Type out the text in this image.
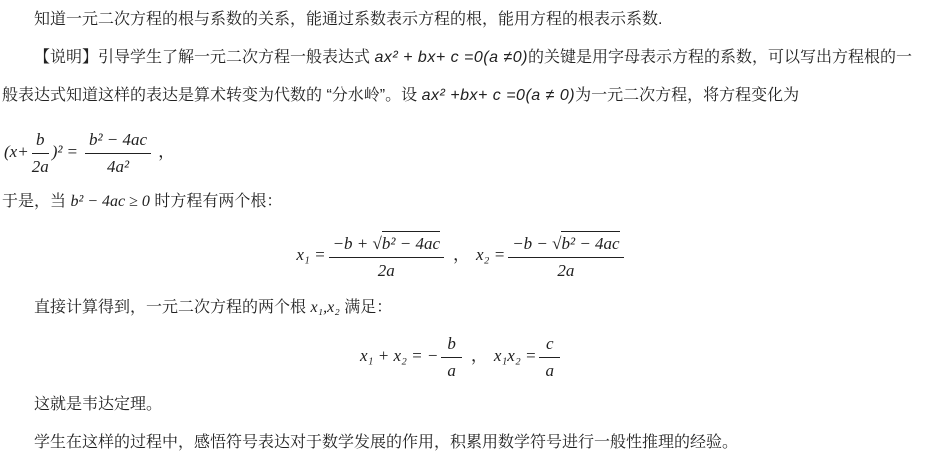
知道一元二次方程的根与系数的关系，能通过系数表示方程的根，能用方程的根表示系数.

【说明】引导学生了解一元二次方程一般表达式 ax² + bx+ c =0(a ≠0)的关键是用字母表示方程的系数，可以写出方程根的一般表达式知道这样的表达是算术转变为代数的 “分水岭”。设 ax² +bx+ c =0(a ≠ 0)为一元二次方程，将方程变化为

$(x+ \frac{b}{2a} )^2 = \frac{\text{b² − 4ac}}{\text{4a²}}$ ，

于是，当 b² − 4ac ≥ 0 时方程有两个根：

$x_1 = \frac{\text{−b + √b² − 4ac}}{2a}$ ， $x_2 = \frac{\text{−b − √b² − 4ac}}{2a}$

直接计算得到，一元二次方程的两个根 x₁,x₂ 满足：

x₁ + x₂ = − $\frac{b}{a}$ ， $x_1x_2 = \frac{c}{a}$

这就是韦达定理。

学生在这样的过程中，感悟符号表达对于数学发展的作用，积累用数学符号进行一般性推理的经验。
